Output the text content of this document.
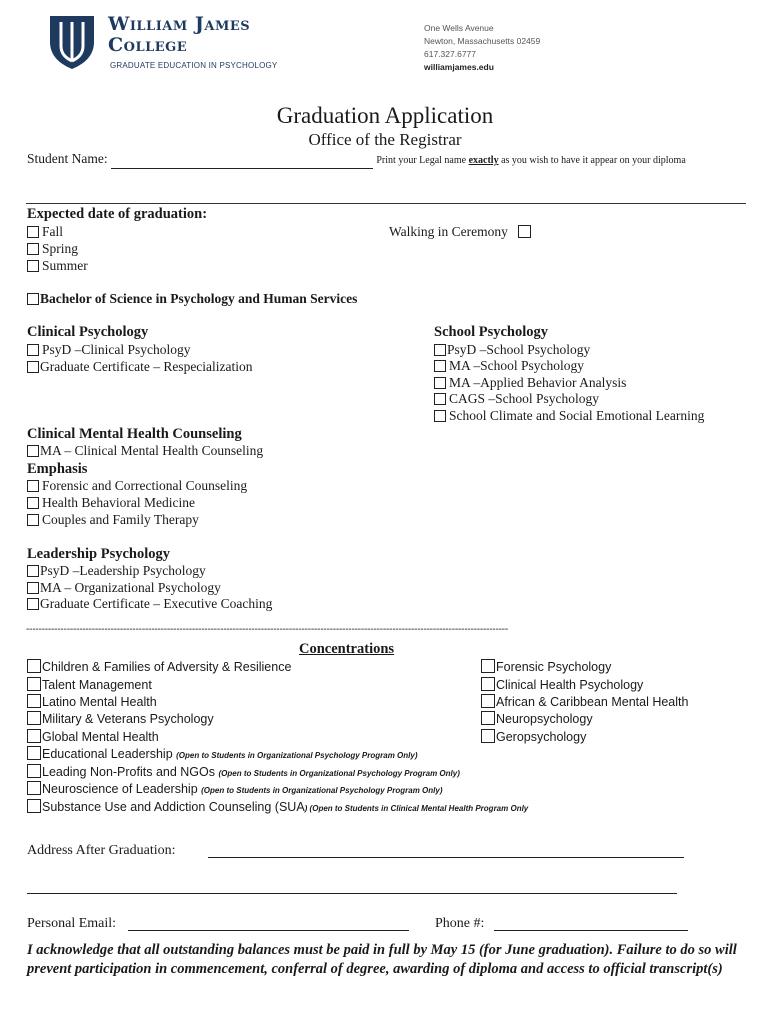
William James
College
GRADUATE EDUCATION IN PSYCHOLOGY
One Wells Avenue
Newton, Massachusetts 02459
617.327.6777
williamjames.edu
Graduation Application
Office of the Registrar
Student Name:	Print your Legal name exactly as you wish to have it appear on your diploma
Expected date of graduation:
Fall
Spring
Summer
Walking in Ceremony
Bachelor of Science in Psychology and Human Services
Clinical Psychology
PsyD –Clinical Psychology
Graduate Certificate – Respecialization
School Psychology
PsyD –School Psychology
MA –School Psychology
MA –Applied Behavior Analysis
CAGS –School Psychology
School Climate and Social Emotional Learning
Clinical Mental Health Counseling
MA – Clinical Mental Health Counseling
Emphasis
Forensic and Correctional Counseling
Health Behavioral Medicine
Couples and Family Therapy
Leadership Psychology
PsyD –Leadership Psychology
MA – Organizational Psychology
Graduate Certificate – Executive Coaching
----------------------------------------------------------------------------------------------------------------------------------------------------------
Concentrations
Children & Families of Adversity & Resilience
Talent Management
Latino Mental Health
Military & Veterans Psychology
Global Mental Health
Forensic Psychology
Clinical Health Psychology
African & Caribbean Mental Health
Neuropsychology
Geropsychology
Educational Leadership (Open to Students in Organizational Psychology Program Only)
Leading Non-Profits and NGOs (Open to Students in Organizational Psychology Program Only)
Neuroscience of Leadership (Open to Students in Organizational Psychology Program Only)
Substance Use and Addiction Counseling (SUA) (Open to Students in Clinical Mental Health Program Only
Address After Graduation:
Personal Email:	Phone #:
I acknowledge that all outstanding balances must be paid in full by May 15 (for June graduation). Failure to do so will prevent participation in commencement, conferral of degree, awarding of diploma and access to official transcript(s)
